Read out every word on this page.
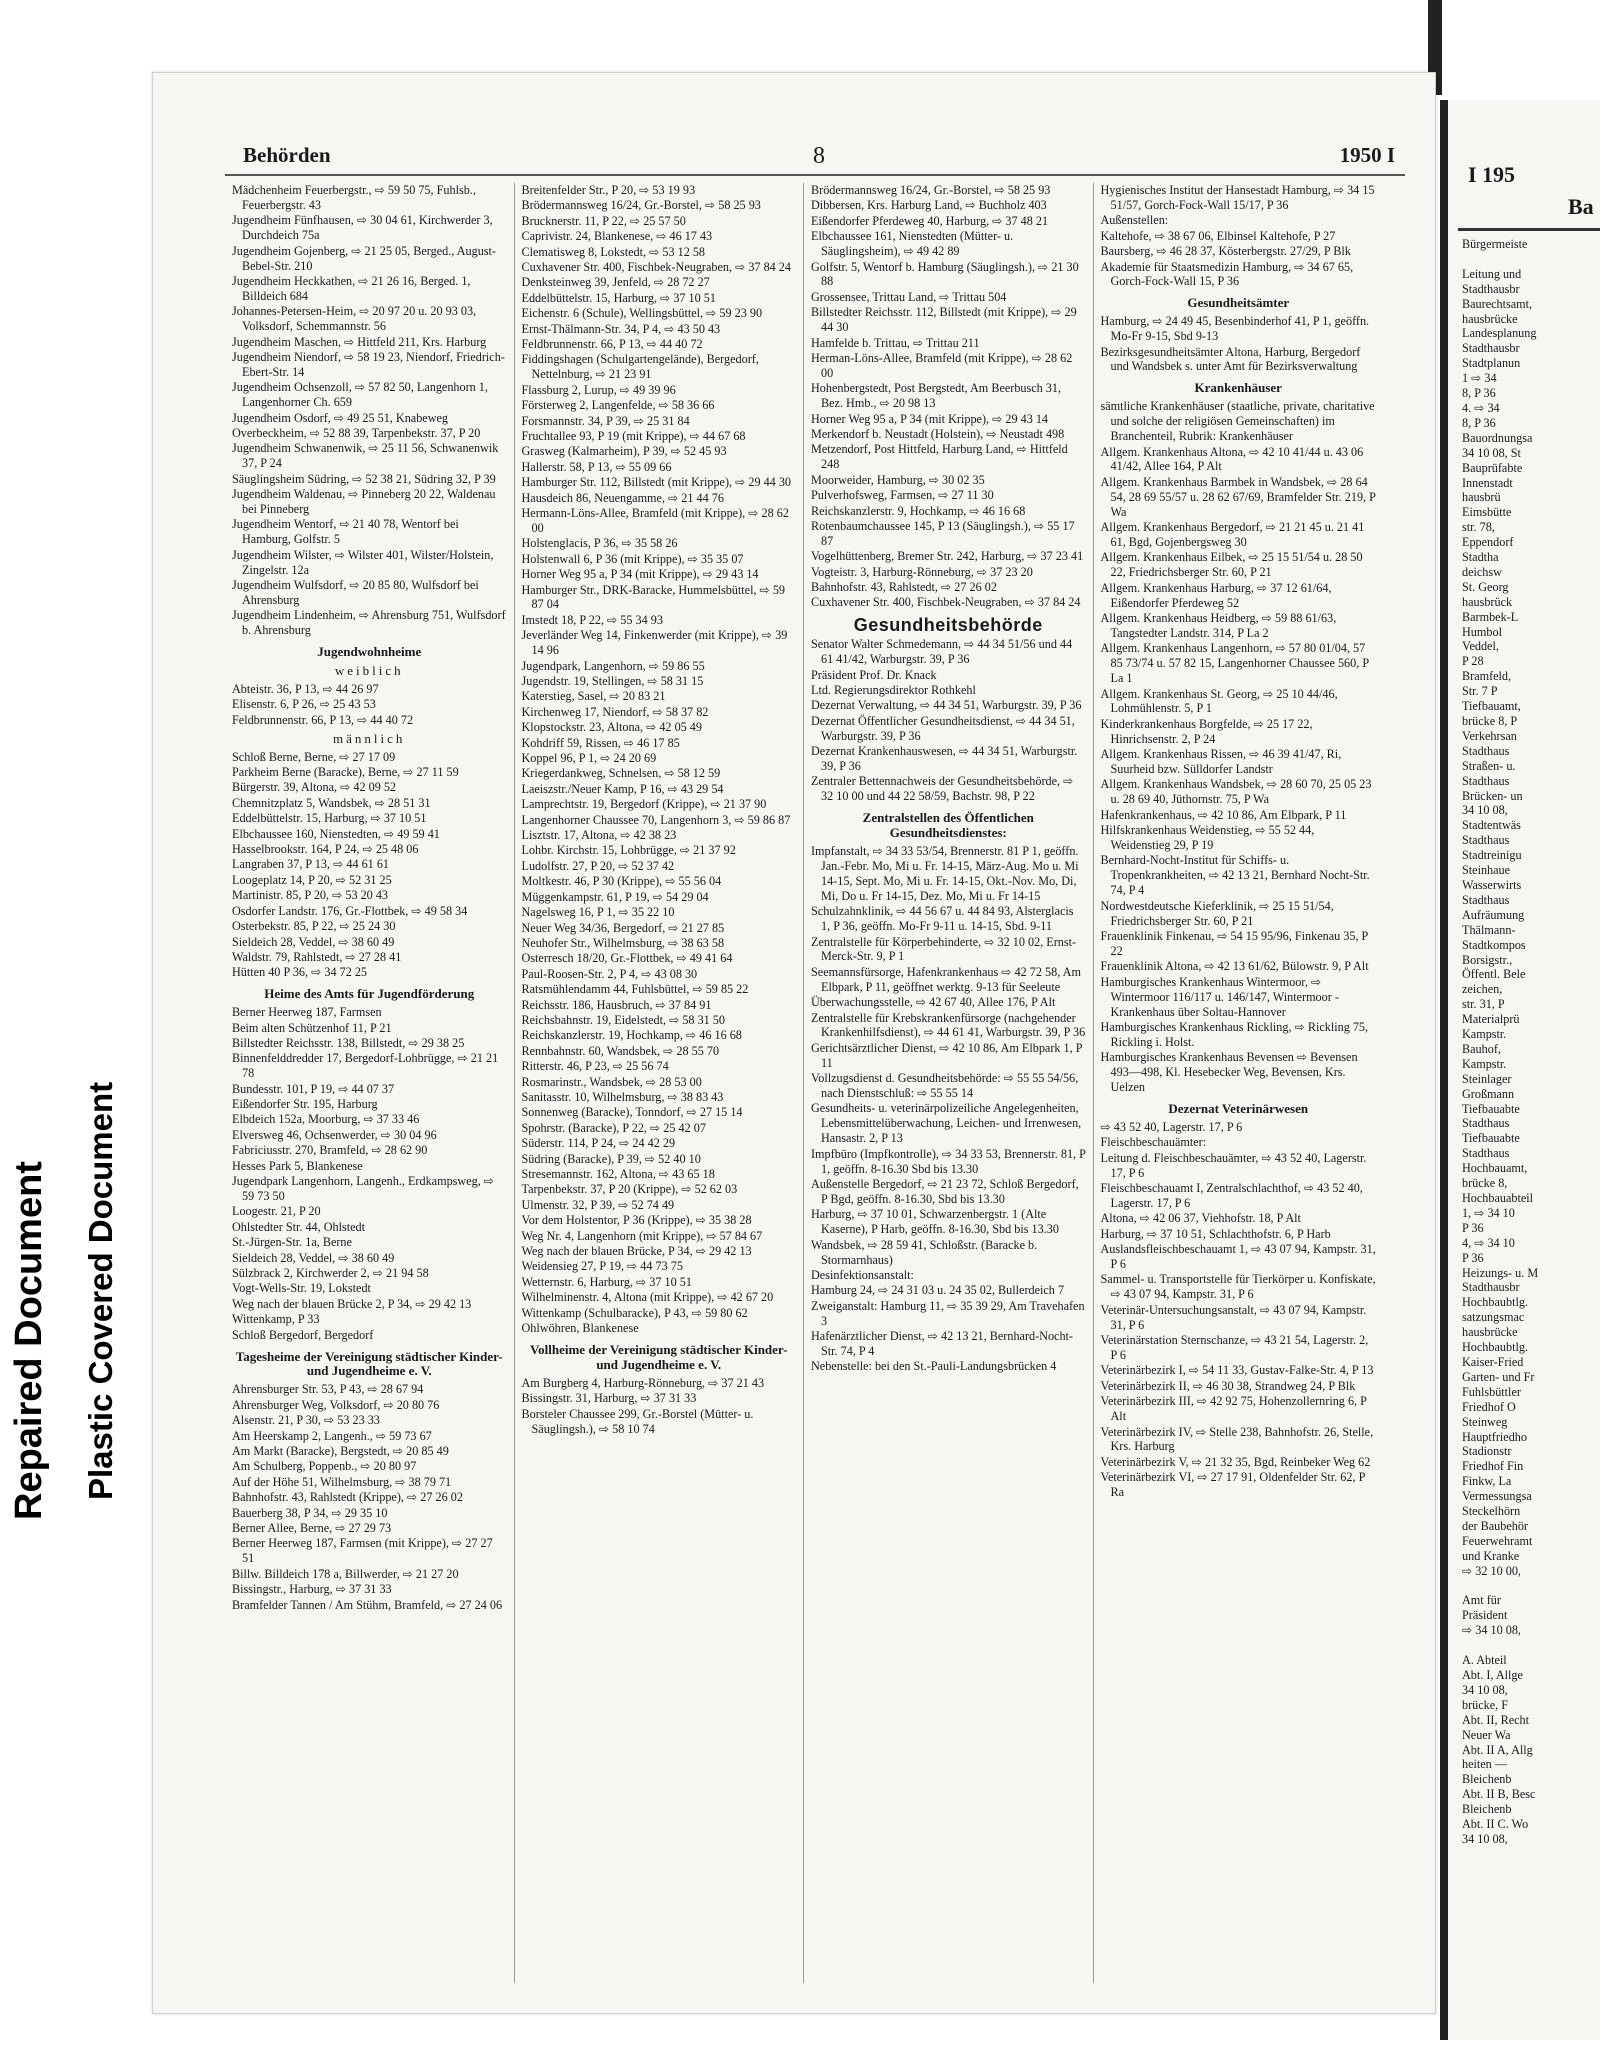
Repaired Document Plastic Covered Document
Behörden	8	1950 I

Mädchenheim Feuerbergstr., ⇨ 59 50 75, Fuhlsb., Feuerbergstr. 43

Jugendheim Fünfhausen, ⇨ 30 04 61, Kirchwerder 3, Durchdeich 75a

Jugendheim Gojenberg, ⇨ 21 25 05, Berged., August-Bebel-Str. 210

Jugendheim Heckkathen, ⇨ 21 26 16, Berged. 1, Billdeich 684

Johannes-Petersen-Heim, ⇨ 20 97 20 u. 20 93 03, Volksdorf, Schemmannstr. 56

Jugendheim Maschen, ⇨ Hittfeld 211, Krs. Harburg

Jugendheim Niendorf, ⇨ 58 19 23, Niendorf, Friedrich-Ebert-Str. 14

Jugendheim Ochsenzoll, ⇨ 57 82 50, Langenhorn 1, Langenhorner Ch. 659

Jugendheim Osdorf, ⇨ 49 25 51, Knabeweg

Overbeckheim, ⇨ 52 88 39, Tarpenbekstr. 37, P 20

Jugendheim Schwanenwik, ⇨ 25 11 56, Schwanenwik 37, P 24

Säuglingsheim Südring, ⇨ 52 38 21, Südring 32, P 39

Jugendheim Waldenau, ⇨ Pinneberg 20 22, Waldenau bei Pinneberg

Jugendheim Wentorf, ⇨ 21 40 78, Wentorf bei Hamburg, Golfstr. 5

Jugendheim Wilster, ⇨ Wilster 401, Wilster/Holstein, Zingelstr. 12a

Jugendheim Wulfsdorf, ⇨ 20 85 80, Wulfsdorf bei Ahrensburg

Jugendheim Lindenheim, ⇨ Ahrensburg 751, Wulfsdorf b. Ahrensburg

Jugendwohnheime
weiblich

Abteistr. 36, P 13, ⇨ 44 26 97

Elisenstr. 6, P 26, ⇨ 25 43 53

Feldbrunnenstr. 66, P 13, ⇨ 44 40 72

männlich

Schloß Berne, Berne, ⇨ 27 17 09

Parkheim Berne (Baracke), Berne, ⇨ 27 11 59

Bürgerstr. 39, Altona, ⇨ 42 09 52

Chemnitzplatz 5, Wandsbek, ⇨ 28 51 31

Eddelbüttelstr. 15, Harburg, ⇨ 37 10 51

Elbchaussee 160, Nienstedten, ⇨ 49 59 41

Hasselbrookstr. 164, P 24, ⇨ 25 48 06

Langraben 37, P 13, ⇨ 44 61 61

Loogeplatz 14, P 20, ⇨ 52 31 25

Martinistr. 85, P 20, ⇨ 53 20 43

Osdorfer Landstr. 176, Gr.-Flottbek, ⇨ 49 58 34

Osterbekstr. 85, P 22, ⇨ 25 24 30

Sieldeich 28, Veddel, ⇨ 38 60 49

Waldstr. 79, Rahlstedt, ⇨ 27 28 41

Hütten 40 P 36, ⇨ 34 72 25

Heime des Amts für Jugendförderung

Berner Heerweg 187, Farmsen

Beim alten Schützenhof 11, P 21

Billstedter Reichsstr. 138, Billstedt, ⇨ 29 38 25

Binnenfelddredder 17, Bergedorf-Lohbrügge, ⇨ 21 21 78

Bundesstr. 101, P 19, ⇨ 44 07 37

Eißendorfer Str. 195, Harburg

Elbdeich 152a, Moorburg, ⇨ 37 33 46

Elversweg 46, Ochsenwerder, ⇨ 30 04 96

Fabriciusstr. 270, Bramfeld, ⇨ 28 62 90

Hesses Park 5, Blankenese

Jugendpark Langenhorn, Langenh., Erdkampsweg, ⇨ 59 73 50

Loogestr. 21, P 20

Ohlstedter Str. 44, Ohlstedt

St.-Jürgen-Str. 1a, Berne

Sieldeich 28, Veddel, ⇨ 38 60 49

Sülzbrack 2, Kirchwerder 2, ⇨ 21 94 58

Vogt-Wells-Str. 19, Lokstedt

Weg nach der blauen Brücke 2, P 34, ⇨ 29 42 13

Wittenkamp, P 33

Schloß Bergedorf, Bergedorf

Tagesheime der Vereinigung städtischer Kinder- und Jugendheime e. V.

Ahrensburger Str. 53, P 43, ⇨ 28 67 94

Ahrensburger Weg, Volksdorf, ⇨ 20 80 76

Alsenstr. 21, P 30, ⇨ 53 23 33

Am Heerskamp 2, Langenh., ⇨ 59 73 67

Am Markt (Baracke), Bergstedt, ⇨ 20 85 49

Am Schulberg, Poppenb., ⇨ 20 80 97

Auf der Höhe 51, Wilhelmsburg, ⇨ 38 79 71

Bahnhofstr. 43, Rahlstedt (Krippe), ⇨ 27 26 02

Bauerberg 38, P 34, ⇨ 29 35 10

Berner Allee, Berne, ⇨ 27 29 73

Berner Heerweg 187, Farmsen (mit Krippe), ⇨ 27 27 51

Billw. Billdeich 178 a, Billwerder, ⇨ 21 27 20

Bissingstr., Harburg, ⇨ 37 31 33

Bramfelder Tannen / Am Stühm, Bramfeld, ⇨ 27 24 06

Breitenfelder Str., P 20, ⇨ 53 19 93

Brödermannsweg 16/24, Gr.-Borstel, ⇨ 58 25 93

Brucknerstr. 11, P 22, ⇨ 25 57 50

Caprivistr. 24, Blankenese, ⇨ 46 17 43

Clematisweg 8, Lokstedt, ⇨ 53 12 58

Cuxhavener Str. 400, Fischbek-Neugraben, ⇨ 37 84 24

Denksteinweg 39, Jenfeld, ⇨ 28 72 27

Eddelbüttelstr. 15, Harburg, ⇨ 37 10 51

Eichenstr. 6 (Schule), Wellingsbüttel, ⇨ 59 23 90

Ernst-Thälmann-Str. 34, P 4, ⇨ 43 50 43

Feldbrunnenstr. 66, P 13, ⇨ 44 40 72

Fiddingshagen (Schulgartengelände), Bergedorf, Nettelnburg, ⇨ 21 23 91

Flassburg 2, Lurup, ⇨ 49 39 96

Försterweg 2, Langenfelde, ⇨ 58 36 66

Forsmannstr. 34, P 39, ⇨ 25 31 84

Fruchtallee 93, P 19 (mit Krippe), ⇨ 44 67 68

Grasweg (Kalmarheim), P 39, ⇨ 52 45 93

Hallerstr. 58, P 13, ⇨ 55 09 66

Hamburger Str. 112, Billstedt (mit Krippe), ⇨ 29 44 30

Hausdeich 86, Neuengamme, ⇨ 21 44 76

Hermann-Löns-Allee, Bramfeld (mit Krippe), ⇨ 28 62 00

Holstenglacis, P 36, ⇨ 35 58 26

Holstenwall 6, P 36 (mit Krippe), ⇨ 35 35 07

Horner Weg 95 a, P 34 (mit Krippe), ⇨ 29 43 14

Hamburger Str., DRK-Baracke, Hummelsbüttel, ⇨ 59 87 04

Imstedt 18, P 22, ⇨ 55 34 93

Jeverländer Weg 14, Finkenwerder (mit Krippe), ⇨ 39 14 96

Jugendpark, Langenhorn, ⇨ 59 86 55

Jugendstr. 19, Stellingen, ⇨ 58 31 15

Katerstieg, Sasel, ⇨ 20 83 21

Kirchenweg 17, Niendorf, ⇨ 58 37 82

Klopstockstr. 23, Altona, ⇨ 42 05 49

Kohdriff 59, Rissen, ⇨ 46 17 85

Koppel 96, P 1, ⇨ 24 20 69

Kriegerdankweg, Schnelsen, ⇨ 58 12 59

Laeiszstr./Neuer Kamp, P 16, ⇨ 43 29 54

Lamprechtstr. 19, Bergedorf (Krippe), ⇨ 21 37 90

Langenhorner Chaussee 70, Langenhorn 3, ⇨ 59 86 87

Lisztstr. 17, Altona, ⇨ 42 38 23

Lohbr. Kirchstr. 15, Lohbrügge, ⇨ 21 37 92

Ludolfstr. 27, P 20, ⇨ 52 37 42

Moltkestr. 46, P 30 (Krippe), ⇨ 55 56 04

Müggenkampstr. 61, P 19, ⇨ 54 29 04

Nagelsweg 16, P 1, ⇨ 35 22 10

Neuer Weg 34/36, Bergedorf, ⇨ 21 27 85

Neuhofer Str., Wilhelmsburg, ⇨ 38 63 58

Osterresch 18/20, Gr.-Flottbek, ⇨ 49 41 64

Paul-Roosen-Str. 2, P 4, ⇨ 43 08 30

Ratsmühlendamm 44, Fuhlsbüttel, ⇨ 59 85 22

Reichsstr. 186, Hausbruch, ⇨ 37 84 91

Reichsbahnstr. 19, Eidelstedt, ⇨ 58 31 50

Reichskanzlerstr. 19, Hochkamp, ⇨ 46 16 68

Rennbahnstr. 60, Wandsbek, ⇨ 28 55 70

Ritterstr. 46, P 23, ⇨ 25 56 74

Rosmarinstr., Wandsbek, ⇨ 28 53 00

Sanitasstr. 10, Wilhelmsburg, ⇨ 38 83 43

Sonnenweg (Baracke), Tonndorf, ⇨ 27 15 14

Spohrstr. (Baracke), P 22, ⇨ 25 42 07

Süderstr. 114, P 24, ⇨ 24 42 29

Südring (Baracke), P 39, ⇨ 52 40 10

Stresemannstr. 162, Altona, ⇨ 43 65 18

Tarpenbekstr. 37, P 20 (Krippe), ⇨ 52 62 03

Ulmenstr. 32, P 39, ⇨ 52 74 49

Vor dem Holstentor, P 36 (Krippe), ⇨ 35 38 28

Weg Nr. 4, Langenhorn (mit Krippe), ⇨ 57 84 67

Weg nach der blauen Brücke, P 34, ⇨ 29 42 13

Weidensieg 27, P 19, ⇨ 44 73 75

Wetternstr. 6, Harburg, ⇨ 37 10 51

Wilhelminenstr. 4, Altona (mit Krippe), ⇨ 42 67 20

Wittenkamp (Schulbaracke), P 43, ⇨ 59 80 62

Ohlwöhren, Blankenese

Vollheime der Vereinigung städtischer Kinder- und Jugendheime e. V.

Am Burgberg 4, Harburg-Rönneburg, ⇨ 37 21 43

Bissingstr. 31, Harburg, ⇨ 37 31 33

Borsteler Chaussee 299, Gr.-Borstel (Mütter- u. Säuglingsh.), ⇨ 58 10 74

Brödermannsweg 16/24, Gr.-Borstel, ⇨ 58 25 93

Dibbersen, Krs. Harburg Land, ⇨ Buchholz 403

Eißendorfer Pferdeweg 40, Harburg, ⇨ 37 48 21

Elbchaussee 161, Nienstedten (Mütter- u. Säuglingsheim), ⇨ 49 42 89

Golfstr. 5, Wentorf b. Hamburg (Säuglingsh.), ⇨ 21 30 88

Grossensee, Trittau Land, ⇨ Trittau 504

Billstedter Reichsstr. 112, Billstedt (mit Krippe), ⇨ 29 44 30

Hamfelde b. Trittau, ⇨ Trittau 211

Herman-Löns-Allee, Bramfeld (mit Krippe), ⇨ 28 62 00

Hohenbergstedt, Post Bergstedt, Am Beerbusch 31, Bez. Hmb., ⇨ 20 98 13

Horner Weg 95 a, P 34 (mit Krippe), ⇨ 29 43 14

Merkendorf b. Neustadt (Holstein), ⇨ Neustadt 498

Metzendorf, Post Hittfeld, Harburg Land, ⇨ Hittfeld 248

Moorweider, Hamburg, ⇨ 30 02 35

Pulverhofsweg, Farmsen, ⇨ 27 11 30

Reichskanzlerstr. 9, Hochkamp, ⇨ 46 16 68

Rotenbaumchaussee 145, P 13 (Säuglingsh.), ⇨ 55 17 87

Vogelhüttenberg, Bremer Str. 242, Harburg, ⇨ 37 23 41

Vogteistr. 3, Harburg-Rönneburg, ⇨ 37 23 20

Bahnhofstr. 43, Rahlstedt, ⇨ 27 26 02

Cuxhavener Str. 400, Fischbek-Neugraben, ⇨ 37 84 24

Gesundheitsbehörde

Senator Walter Schmedemann, ⇨ 44 34 51/56 und 44 61 41/42, Warburgstr. 39, P 36

Präsident Prof. Dr. Knack

Ltd. Regierungsdirektor Rothkehl

Dezernat Verwaltung, ⇨ 44 34 51, Warburgstr. 39, P 36

Dezernat Öffentlicher Gesundheitsdienst, ⇨ 44 34 51, Warburgstr. 39, P 36

Dezernat Krankenhauswesen, ⇨ 44 34 51, Warburgstr. 39, P 36

Zentraler Bettennachweis der Gesundheitsbehörde, ⇨ 32 10 00 und 44 22 58/59, Bachstr. 98, P 22

Zentralstellen des Öffentlichen Gesundheitsdienstes:

Impfanstalt, ⇨ 34 33 53/54, Brennerstr. 81 P 1, geöffn. Jan.-Febr. Mo, Mi u. Fr. 14-15, März-Aug. Mo u. Mi 14-15, Sept. Mo, Mi u. Fr. 14-15, Okt.-Nov. Mo, Di, Mi, Do u. Fr 14-15, Dez. Mo, Mi u. Fr 14-15

Schulzahnklinik, ⇨ 44 56 67 u. 44 84 93, Alsterglacis 1, P 36, geöffn. Mo-Fr 9-11 u. 14-15, Sbd. 9-11

Zentralstelle für Körperbehinderte, ⇨ 32 10 02, Ernst-Merck-Str. 9, P 1

Seemannsfürsorge, Hafenkrankenhaus ⇨ 42 72 58, Am Elbpark, P 11, geöffnet werktg. 9-13 für Seeleute

Überwachungsstelle, ⇨ 42 67 40, Allee 176, P Alt

Zentralstelle für Krebskrankenfürsorge (nachgehender Krankenhilfsdienst), ⇨ 44 61 41, Warburgstr. 39, P 36

Gerichtsärztlicher Dienst, ⇨ 42 10 86, Am Elbpark 1, P 11

Vollzugsdienst d. Gesundheitsbehörde: ⇨ 55 55 54/56, nach Dienstschluß: ⇨ 55 55 14

Gesundheits- u. veterinärpolizeiliche Angelegenheiten, Lebensmittelüberwachung, Leichen- und Irrenwesen, Hansastr. 2, P 13

Impfbüro (Impfkontrolle), ⇨ 34 33 53, Brennerstr. 81, P 1, geöffn. 8-16.30 Sbd bis 13.30

Außenstelle Bergedorf, ⇨ 21 23 72, Schloß Bergedorf, P Bgd, geöffn. 8-16.30, Sbd bis 13.30

Harburg, ⇨ 37 10 01, Schwarzenbergstr. 1 (Alte Kaserne), P Harb, geöffn. 8-16.30, Sbd bis 13.30

Wandsbek, ⇨ 28 59 41, Schloßstr. (Baracke b. Stormarnhaus)

Desinfektionsanstalt:

Hamburg 24, ⇨ 24 31 03 u. 24 35 02, Bullerdeich 7

Zweiganstalt: Hamburg 11, ⇨ 35 39 29, Am Travehafen 3

Hafenärztlicher Dienst, ⇨ 42 13 21, Bernhard-Nocht-Str. 74, P 4

Nebenstelle: bei den St.-Pauli-Landungsbrücken 4

Hygienisches Institut der Hansestadt Hamburg, ⇨ 34 15 51/57, Gorch-Fock-Wall 15/17, P 36

Außenstellen:

Kaltehofe, ⇨ 38 67 06, Elbinsel Kaltehofe, P 27

Baursberg, ⇨ 46 28 37, Kösterbergstr. 27/29, P Blk

Akademie für Staatsmedizin Hamburg, ⇨ 34 67 65, Gorch-Fock-Wall 15, P 36

Gesundheitsämter

Hamburg, ⇨ 24 49 45, Besenbinderhof 41, P 1, geöffn. Mo-Fr 9-15, Sbd 9-13

Bezirksgesundheitsämter Altona, Harburg, Bergedorf und Wandsbek s. unter Amt für Bezirksverwaltung

Krankenhäuser

sämtliche Krankenhäuser (staatliche, private, charitative und solche der religiösen Gemeinschaften) im Branchenteil, Rubrik: Krankenhäuser

Allgem. Krankenhaus Altona, ⇨ 42 10 41/44 u. 43 06 41/42, Allee 164, P Alt

Allgem. Krankenhaus Barmbek in Wandsbek, ⇨ 28 64 54, 28 69 55/57 u. 28 62 67/69, Bramfelder Str. 219, P Wa

Allgem. Krankenhaus Bergedorf, ⇨ 21 21 45 u. 21 41 61, Bgd, Gojenbergsweg 30

Allgem. Krankenhaus Eilbek, ⇨ 25 15 51/54 u. 28 50 22, Friedrichsberger Str. 60, P 21

Allgem. Krankenhaus Harburg, ⇨ 37 12 61/64, Eißendorfer Pferdeweg 52

Allgem. Krankenhaus Heidberg, ⇨ 59 88 61/63, Tangstedter Landstr. 314, P La 2

Allgem. Krankenhaus Langenhorn, ⇨ 57 80 01/04, 57 85 73/74 u. 57 82 15, Langenhorner Chaussee 560, P La 1

Allgem. Krankenhaus St. Georg, ⇨ 25 10 44/46, Lohmühlenstr. 5, P 1

Kinderkrankenhaus Borgfelde, ⇨ 25 17 22, Hinrichsenstr. 2, P 24

Allgem. Krankenhaus Rissen, ⇨ 46 39 41/47, Ri, Suurheid bzw. Sülldorfer Landstr

Allgem. Krankenhaus Wandsbek, ⇨ 28 60 70, 25 05 23 u. 28 69 40, Jüthornstr. 75, P Wa

Hafenkrankenhaus, ⇨ 42 10 86, Am Elbpark, P 11

Hilfskrankenhaus Weidenstieg, ⇨ 55 52 44, Weidenstieg 29, P 19

Bernhard-Nocht-Institut für Schiffs- u. Tropenkrankheiten, ⇨ 42 13 21, Bernhard Nocht-Str. 74, P 4

Nordwestdeutsche Kieferklinik, ⇨ 25 15 51/54, Friedrichsberger Str. 60, P 21

Frauenklinik Finkenau, ⇨ 54 15 95/96, Finkenau 35, P 22

Frauenklinik Altona, ⇨ 42 13 61/62, Bülowstr. 9, P Alt

Hamburgisches Krankenhaus Wintermoor, ⇨ Wintermoor 116/117 u. 146/147, Wintermoor - Krankenhaus über Soltau-Hannover

Hamburgisches Krankenhaus Rickling, ⇨ Rickling 75, Rickling i. Holst.

Hamburgisches Krankenhaus Bevensen ⇨ Bevensen 493—498, Kl. Hesebecker Weg, Bevensen, Krs. Uelzen

Dezernat Veterinärwesen

⇨ 43 52 40, Lagerstr. 17, P 6

Fleischbeschauämter:

Leitung d. Fleischbeschauämter, ⇨ 43 52 40, Lagerstr. 17, P 6

Fleischbeschauamt I, Zentralschlachthof, ⇨ 43 52 40, Lagerstr. 17, P 6

Altona, ⇨ 42 06 37, Viehhofstr. 18, P Alt

Harburg, ⇨ 37 10 51, Schlachthofstr. 6, P Harb

Auslandsfleischbeschauamt 1, ⇨ 43 07 94, Kampstr. 31, P 6

Sammel- u. Transportstelle für Tierkörper u. Konfiskate, ⇨ 43 07 94, Kampstr. 31, P 6

Veterinär-Untersuchungsanstalt, ⇨ 43 07 94, Kampstr. 31, P 6

Veterinärstation Sternschanze, ⇨ 43 21 54, Lagerstr. 2, P 6

Veterinärbezirk I, ⇨ 54 11 33, Gustav-Falke-Str. 4, P 13

Veterinärbezirk II, ⇨ 46 30 38, Strandweg 24, P Blk

Veterinärbezirk III, ⇨ 42 92 75, Hohenzollernring 6, P Alt

Veterinärbezirk IV, ⇨ Stelle 238, Bahnhofstr. 26, Stelle, Krs. Harburg

Veterinärbezirk V, ⇨ 21 32 35, Bgd, Reinbeker Weg 62

Veterinärbezirk VI, ⇨ 27 17 91, Oldenfelder Str. 62, P Ra

I 195
Ba
Bürgermeiste

Leitung und
Stadthausbr
Baurechtsamt,
hausbrücke
Landesplanung
Stadthausbr
Stadtplanun
1 ⇨ 34
8, P 36
4. ⇨ 34
8, P 36
Bauordnungsa
34 10 08, St
Bauprüfabte
Innenstadt
hausbrü
Eimsbütte
str. 78,
Eppendorf
Stadtha
deichsw
St. Georg
hausbrück
Barmbek-L
Humbol
Veddel,
P 28
Bramfeld,
Str. 7 P
Tiefbauamt,
brücke 8, P
Verkehrsan
Stadthaus
Straßen- u.
Stadthaus
Brücken- un
34 10 08,
Stadtentwäs
Stadthaus
Stadtreinigu
Steinhaue
Wasserwirts
Stadthaus
Aufräumung
Thälmann-
Stadtkompos
Borsigstr.,
Öffentl. Bele
zeichen,
str. 31, P
Materialprü
Kampstr.
Bauhof,
Kampstr.
Steinlager
Großmann
Tiefbauabte
Stadthaus
Tiefbauabte
Stadthaus
Hochbauamt,
brücke 8,
Hochbauabteil
1, ⇨ 34 10
P 36
4, ⇨ 34 10
P 36
Heizungs- u. M
Stadthausbr
Hochbaubtlg.
satzungsmac
hausbrücke
Hochbaubtlg.
Kaiser-Fried
Garten- und Fr
Fuhlsbüttler
Friedhof O
Steinweg
Hauptfriedho
Stadionstr
Friedhof Fin
Finkw, La
Vermessungsa
Steckelhörn
der Baubehör
Feuerwehramt
und Kranke
⇨ 32 10 00,

Amt für
Präsident
⇨ 34 10 08,

A. Abteil
Abt. I, Allge
34 10 08,
brücke, F
Abt. II, Recht
Neuer Wa
Abt. II A, Allg
heiten —
Bleichenb
Abt. II B, Besc
Bleichenb
Abt. II C. Wo
34 10 08,
